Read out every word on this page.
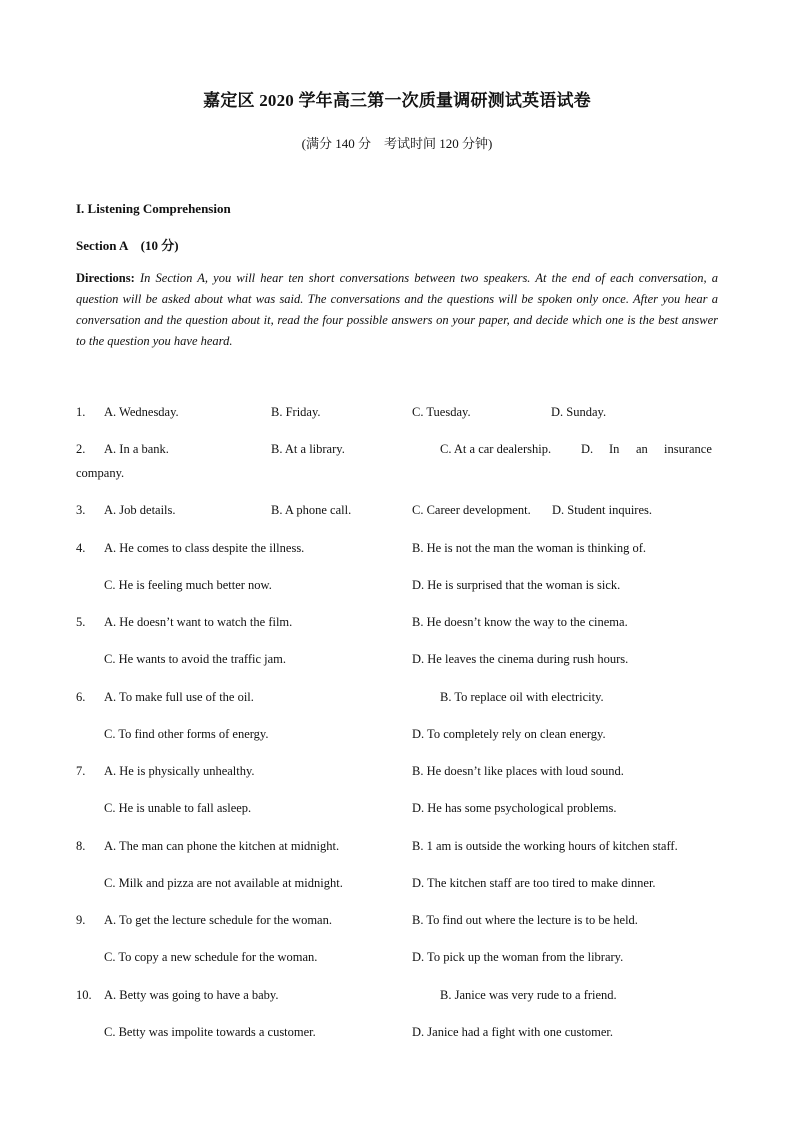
嘉定区 2020 学年高三第一次质量调研测试英语试卷
(满分 140 分　考试时间 120 分钟)
I. Listening Comprehension
Section A　(10 分)
Directions: In Section A, you will hear ten short conversations between two speakers. At the end of each conversation, a question will be asked about what was said. The conversations and the questions will be spoken only once. After you hear a conversation and the question about it, read the four possible answers on your paper, and decide which one is the best answer to the question you have heard.
1. A. Wednesday.	B. Friday.	C. Tuesday.	D. Sunday.
2. A. In a bank.	B. At a library.	C. At a car dealership. D. In an insurance
company.
3. A. Job details.	B. A phone call.	C. Career development. D. Student inquires.
4. A. He comes to class despite the illness.	B. He is not the man the woman is thinking of.
C. He is feeling much better now.	D. He is surprised that the woman is sick.
5. A. He doesn’t want to watch the film.	B. He doesn’t know the way to the cinema.
C. He wants to avoid the traffic jam.	D. He leaves the cinema during rush hours.
6. A. To make full use of the oil.	B. To replace oil with electricity.
C. To find other forms of energy.	D. To completely rely on clean energy.
7. A. He is physically unhealthy.	B. He doesn’t like places with loud sound.
C. He is unable to fall asleep.	D. He has some psychological problems.
8. A. The man can phone the kitchen at midnight.	B. 1 am is outside the working hours of kitchen staff.
C. Milk and pizza are not available at midnight.	D. The kitchen staff are too tired to make dinner.
9. A. To get the lecture schedule for the woman.	B. To find out where the lecture is to be held.
C. To copy a new schedule for the woman.	D. To pick up the woman from the library.
10. A. Betty was going to have a baby.	B. Janice was very rude to a friend.
C. Betty was impolite towards a customer.	D. Janice had a fight with one customer.
